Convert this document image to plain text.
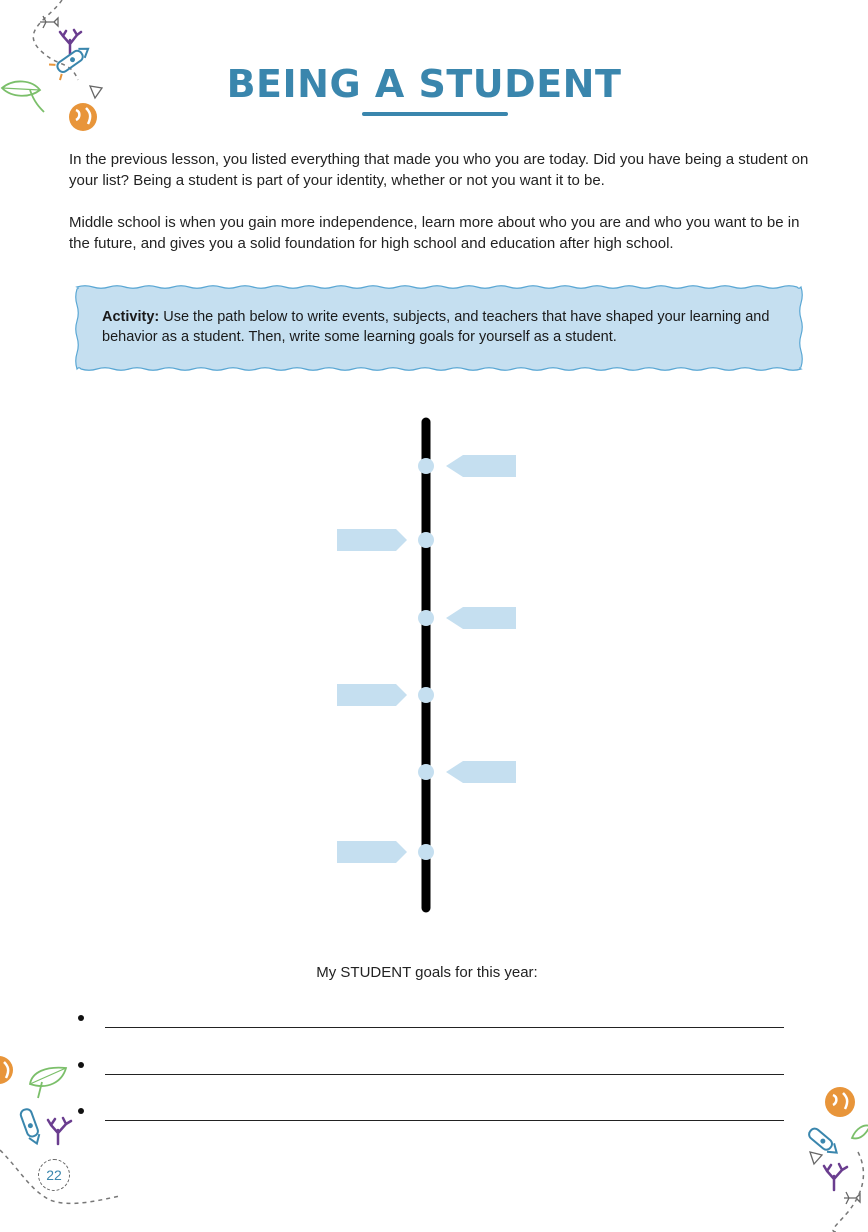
BEING A STUDENT

In the previous lesson, you listed everything that made you who you are today. Did you have being a student on your list? Being a student is part of your identity, whether or not you want it to be.

Middle school is when you gain more independence, learn more about who you are and who you want to be in the future, and gives you a solid foundation for high school and education after high school.

Activity: Use the path below to write events, subjects, and teachers that have shaped your learning and behavior as a student. Then, write some learning goals for yourself as a student.

My STUDENT goals for this year:
22
